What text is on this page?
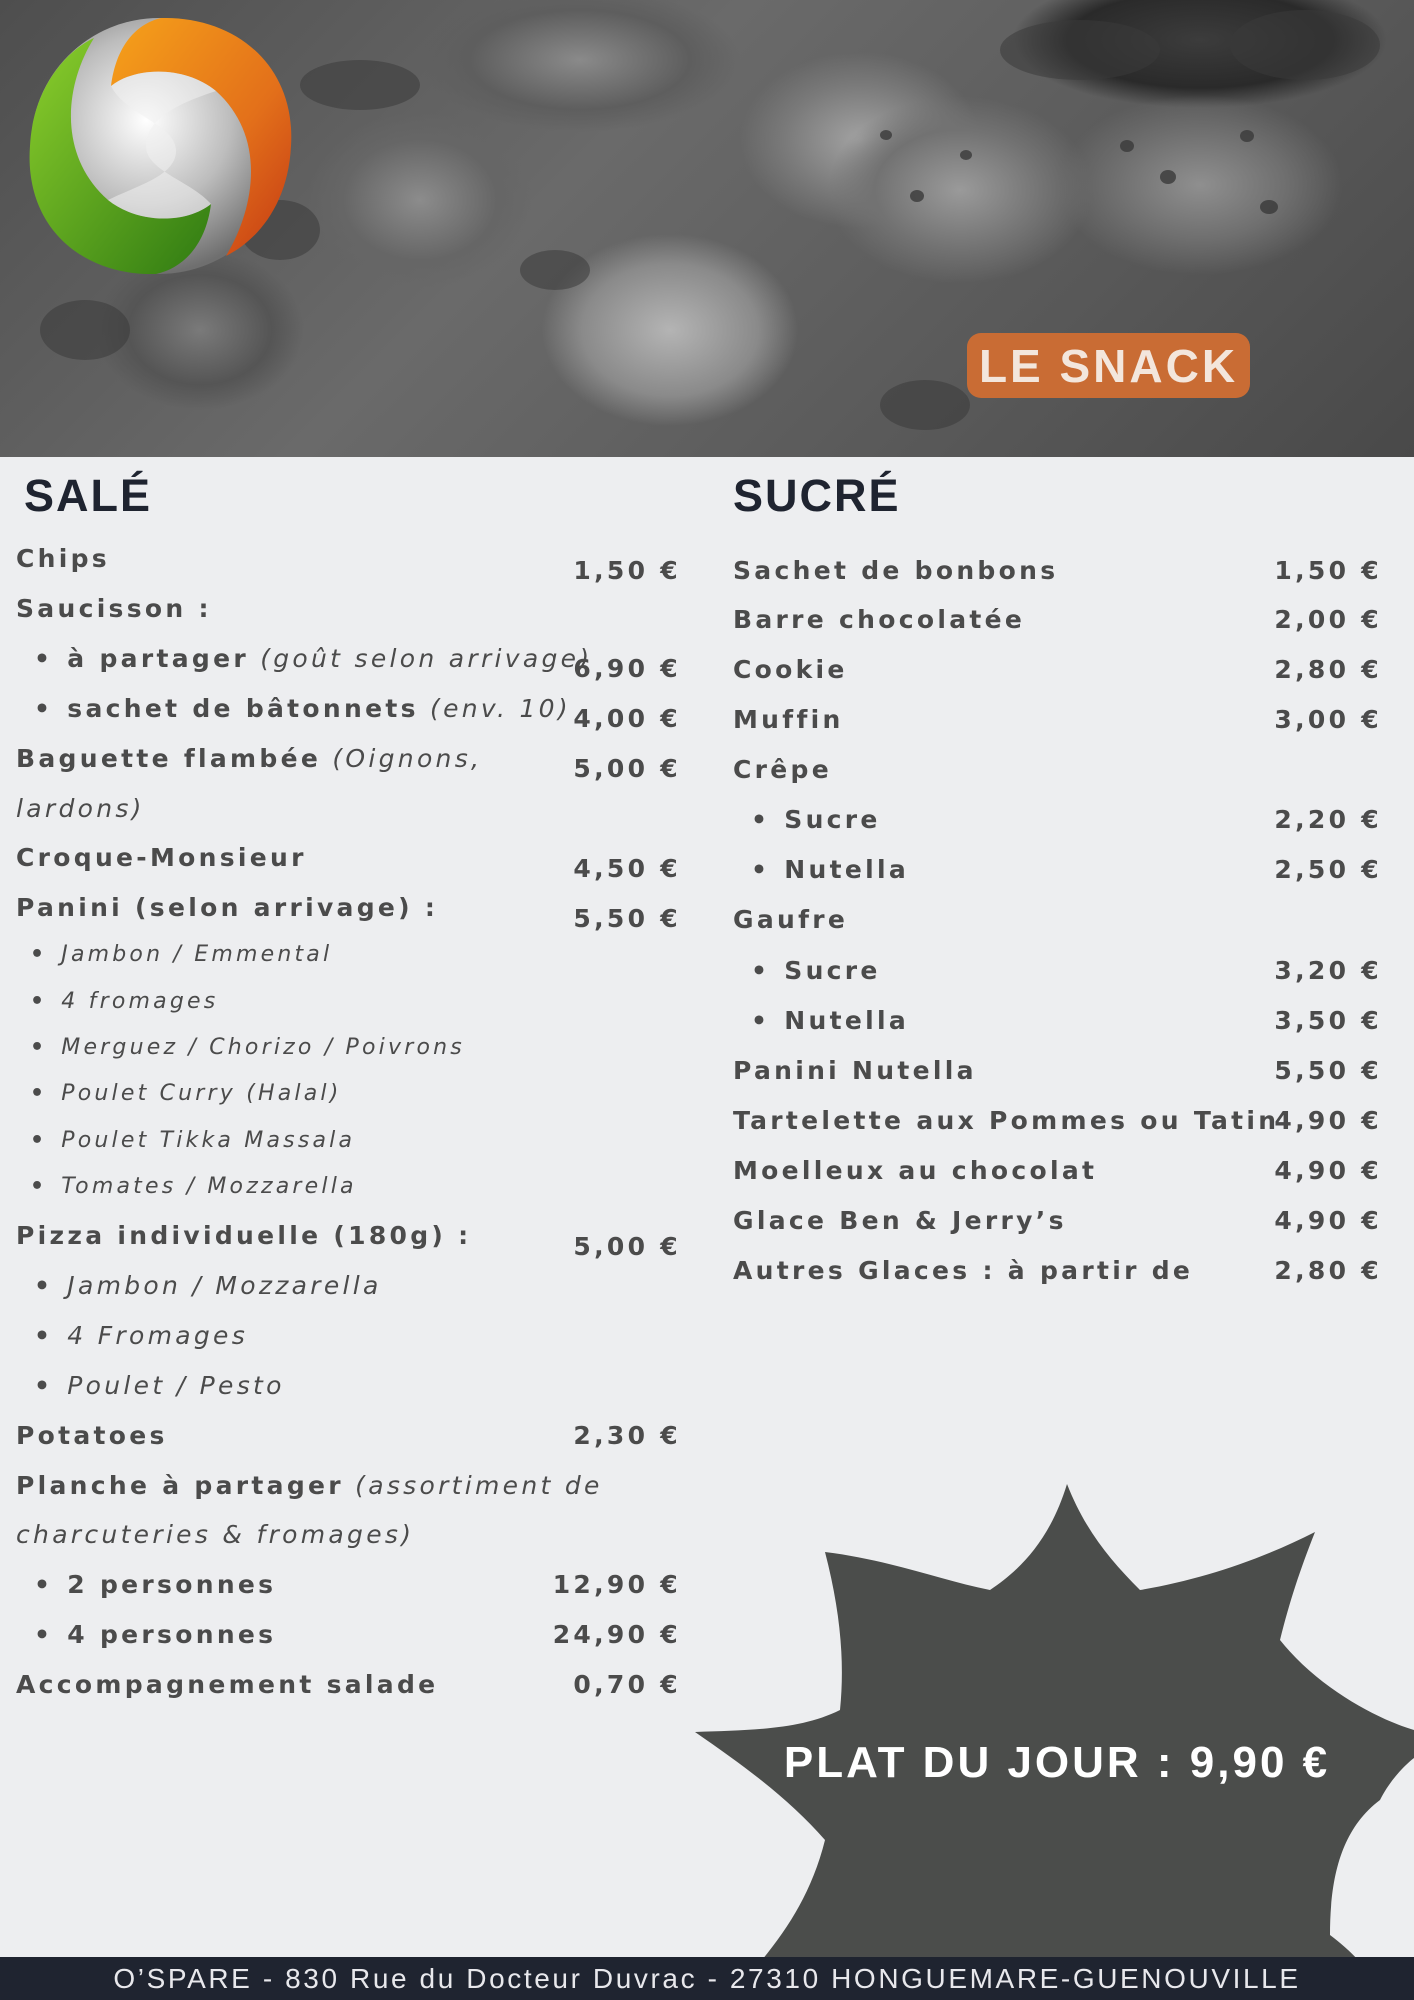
LE SNACK
SALÉ
Chips	1,50 €
Saucisson :
• à partager (goût selon arrivage)
6,90 €
• sachet de bâtonnets (env. 10) 4,00 €
Baguette flambée (Oignons,
lardons)
5,00 €
Croque-Monsieur	4,50 €
Panini (selon arrivage) :	5,50 €
• Jambon / Emmental
• 4 fromages
• Merguez / Chorizo / Poivrons
• Poulet Curry (Halal)
• Poulet Tikka Massala
• Tomates / Mozzarella
Pizza individuelle (180g) :	5,00 €
• Jambon / Mozzarella
• 4 Fromages
• Poulet / Pesto
Potatoes	2,30 €
Planche à partager (assortiment de
charcuteries & fromages)
• 2 personnes	12,90 €
• 4 personnes	24,90 €
Accompagnement salade	0,70 €
SUCRÉ
Sachet de bonbons	1,50 €
Barre chocolatée	2,00 €
Cookie	2,80 €
Muffin	3,00 €
Crêpe
• Sucre	2,20 €
• Nutella	2,50 €
Gaufre
• Sucre	3,20 €
• Nutella	3,50 €
Panini Nutella	5,50 €
Tartelette aux Pommes ou Tatin
4,90 €
Moelleux au chocolat	4,90 €
Glace Ben & Jerry’s	4,90 €
Autres Glaces : à partir de	2,80 €
PLAT DU JOUR : 9,90 €
O’SPARE - 830 Rue du Docteur Duvrac - 27310 HONGUEMARE-GUENOUVILLE
